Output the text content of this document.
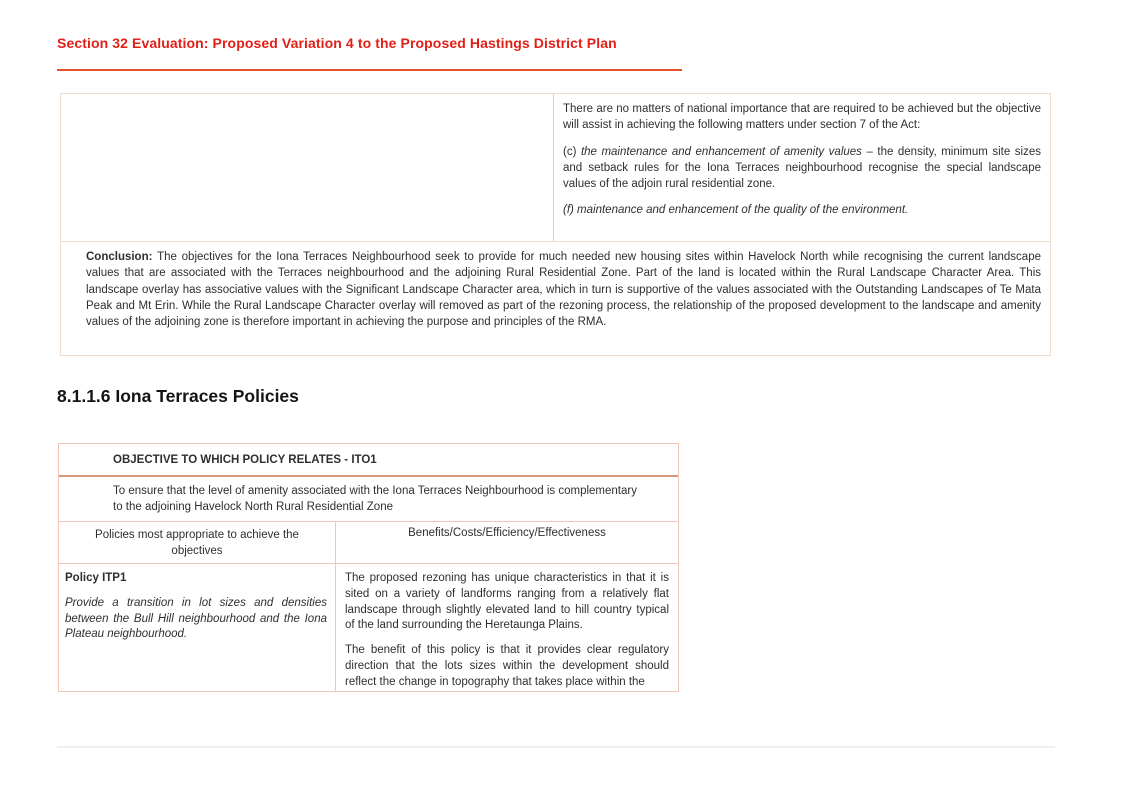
Section 32 Evaluation: Proposed Variation 4 to the Proposed Hastings District Plan

There are no matters of national importance that are required to be achieved but the objective will assist in achieving the following matters under section 7 of the Act:

(c) the maintenance and enhancement of amenity values – the density, minimum site sizes and setback rules for the Iona Terraces neighbourhood recognise the special landscape values of the adjoin rural residential zone.

(f) maintenance and enhancement of the quality of the environment.

Conclusion: The objectives for the Iona Terraces Neighbourhood seek to provide for much needed new housing sites within Havelock North while recognising the current landscape values that are associated with the Terraces neighbourhood and the adjoining Rural Residential Zone. Part of the land is located within the Rural Landscape Character Area. This landscape overlay has associative values with the Significant Landscape Character area, which in turn is supportive of the values associated with the Outstanding Landscapes of Te Mata Peak and Mt Erin. While the Rural Landscape Character overlay will removed as part of the rezoning process, the relationship of the proposed development to the landscape and amenity values of the adjoining zone is therefore important in achieving the purpose and principles of the RMA.

8.1.1.6 Iona Terraces Policies
OBJECTIVE TO WHICH POLICY RELATES - ITO1
To ensure that the level of amenity associated with the Iona Terraces Neighbourhood is complementary to the adjoining Havelock North Rural Residential Zone
Policies most appropriate to achieve the objectives
Benefits/Costs/Efficiency/Effectiveness

Policy ITP1

Provide a transition in lot sizes and densities between the Bull Hill neighbourhood and the Iona Plateau neighbourhood.

The proposed rezoning has unique characteristics in that it is sited on a variety of landforms ranging from a relatively flat landscape through slightly elevated land to hill country typical of the land surrounding the Heretaunga Plains.

The benefit of this policy is that it provides clear regulatory direction that the lots sizes within the development should reflect the change in topography that takes place within the
